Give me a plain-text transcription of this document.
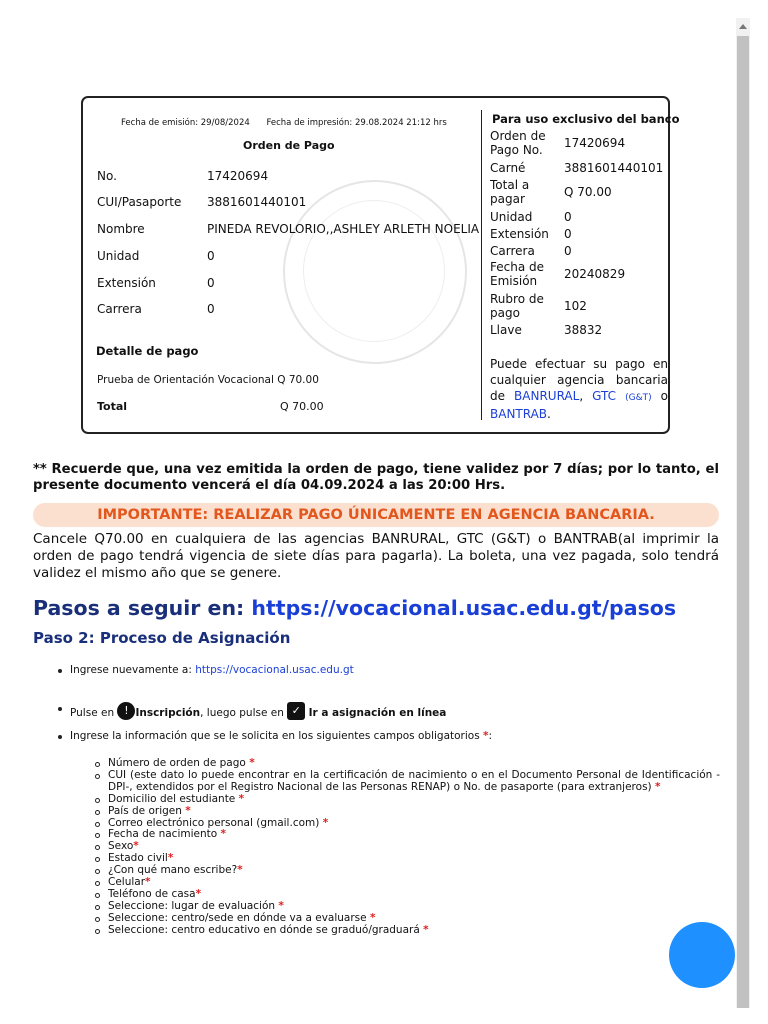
Fecha de emisión: 29/08/2024 Fecha de impresión: 29.08.2024 21:12 hrs
Orden de Pago
No.	17420694
CUI/Pasaporte 3881601440101
Nombre	PINEDA REVOLORIO,,ASHLEY ARLETH NOELIA
Unidad	0
Extensión	0
Carrera	0
Detalle de pago
Prueba de Orientación Vocacional Q 70.00
Total	Q 70.00
Para uso exclusivo del banco
Orden de Pago No.	17420694
Carné	3881601440101
Total a pagar	Q 70.00
Unidad	0
Extensión	0
Carrera	0
Fecha de Emisión	20240829
Rubro de pago	102
Llave	38832
Puede efectuar su pago en cualquier agencia bancaria de BANRURAL, GTC (G&T) o BANTRAB.
** Recuerde que, una vez emitida la orden de pago, tiene validez por 7 días; por lo tanto, el presente documento vencerá el día 04.09.2024 a las 20:00 Hrs.
IMPORTANTE: REALIZAR PAGO ÚNICAMENTE EN AGENCIA BANCARIA.
Cancele Q70.00 en cualquiera de las agencias BANRURAL, GTC (G&T) o BANTRAB(al imprimir la orden de pago tendrá vigencia de siete días para pagarla). La boleta, una vez pagada, solo tendrá validez el mismo año que se genere.
Pasos a seguir en: https://vocacional.usac.edu.gt/pasos
Paso 2: Proceso de Asignación
Ingrese nuevamente a: https://vocacional.usac.edu.gt
Pulse en ! Inscripción, luego pulse en ✓ Ir a asignación en línea
Ingrese la información que se le solicita en los siguientes campos obligatorios *:
Número de orden de pago *
CUI (este dato lo puede encontrar en la certificación de nacimiento o en el Documento Personal de Identificación -DPI-, extendidos por el Registro Nacional de las Personas RENAP) o No. de pasaporte (para extranjeros) *
Domicilio del estudiante *
País de origen *
Correo electrónico personal (gmail.com) *
Fecha de nacimiento *
Sexo*
Estado civil*
¿Con qué mano escribe?*
Celular*
Teléfono de casa*
Seleccione: lugar de evaluación *
Seleccione: centro/sede en dónde va a evaluarse *
Seleccione: centro educativo en dónde se graduó/graduará *
